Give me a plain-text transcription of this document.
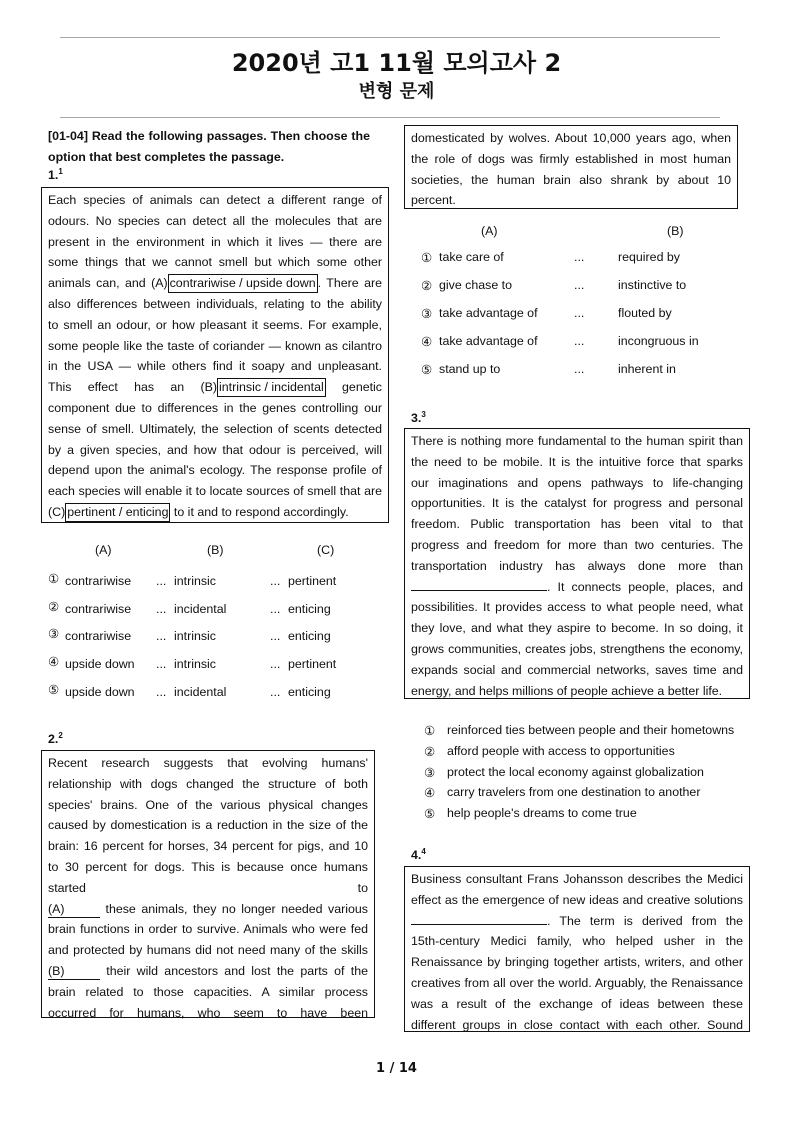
2020년 고1 11월 모의고사 2
변형 문제
[01-04] Read the following passages. Then choose the
option that best completes the passage.
1.$^1$
Each species of animals can detect a different range of
odours. No species can detect all the molecules that are
present in the environment in which it lives — there are
some things that we cannot smell but which some other
animals can, and (A) contrariwise / upside down . There are
also differences between individuals, relating to the ability
to smell an odour, or how pleasant it seems. For example,
some people like the taste of coriander — known as cilantro
in the USA — while others find it soapy and unpleasant.
This effect has an (B) intrinsic / incidental genetic
component due to differences in the genes controlling our
sense of smell. Ultimately, the selection of scents detected
by a given species, and how that odour is perceived, will
depend upon the animal's ecology. The response profile of
each species will enable it to locate sources of smell that are
(C) pertinent / enticing to it and to respond accordingly.
(A)	(B)	(C)
① contrariwise ... intrinsic	... pertinent
② contrariwise ... incidental	... enticing
③ contrariwise ... intrinsic	... enticing
④ upside down ... intrinsic	... pertinent
⑤ upside down ... incidental	... enticing
2.$^2$
Recent research suggests that evolving humans'
relationship with dogs changed the structure of both
species' brains. One of the various physical changes
caused by domestication is a reduction in the size of the
brain: 16 percent for horses, 34 percent for pigs, and 10
to 30 percent for dogs. This is because once humans
started to
(A)	these animals, they no longer needed various
brain functions in order to survive. Animals who were fed
and protected by humans did not need many of the skills
(B)	their wild ancestors and lost the parts of the
brain related to those capacities. A similar process
occurred for humans, who seem to have been
domesticated by wolves. About 10,000 years ago, when
the role of dogs was firmly established in most human
societies, the human brain also shrank by about 10
percent.
(A)	(B)
① take care of	...	required by
② give chase to	...	instinctive to
③ take advantage of	...	flouted by
④ take advantage of	...	incongruous in
⑤ stand up to	...	inherent in
3.$^3$
There is nothing more fundamental to the human spirit than
the need to be mobile. It is the intuitive force that sparks
our imaginations and opens pathways to life-changing
opportunities. It is the catalyst for progress and personal
freedom. Public transportation has been vital to that
progress and freedom for more than two centuries. The
transportation industry has always done more than
. It connects people, places, and
possibilities. It provides access to what people need, what
they love, and what they aspire to become. In so doing, it
grows communities, creates jobs, strengthens the economy,
expands social and commercial networks, saves time and
energy, and helps millions of people achieve a better life.
① reinforced ties between people and their hometowns
② afford people with access to opportunities
③ protect the local economy against globalization
④ carry travelers from one destination to another
⑤ help people's dreams to come true
4.$^4$
Business consultant Frans Johansson describes the Medici
effect as the emergence of new ideas and creative solutions
. The term is derived from the
15th-century Medici family, who helped usher in the
Renaissance by bringing together artists, writers, and other
creatives from all over the world. Arguably, the Renaissance
was a result of the exchange of ideas between these
different groups in close contact with each other. Sound
1 / 14
